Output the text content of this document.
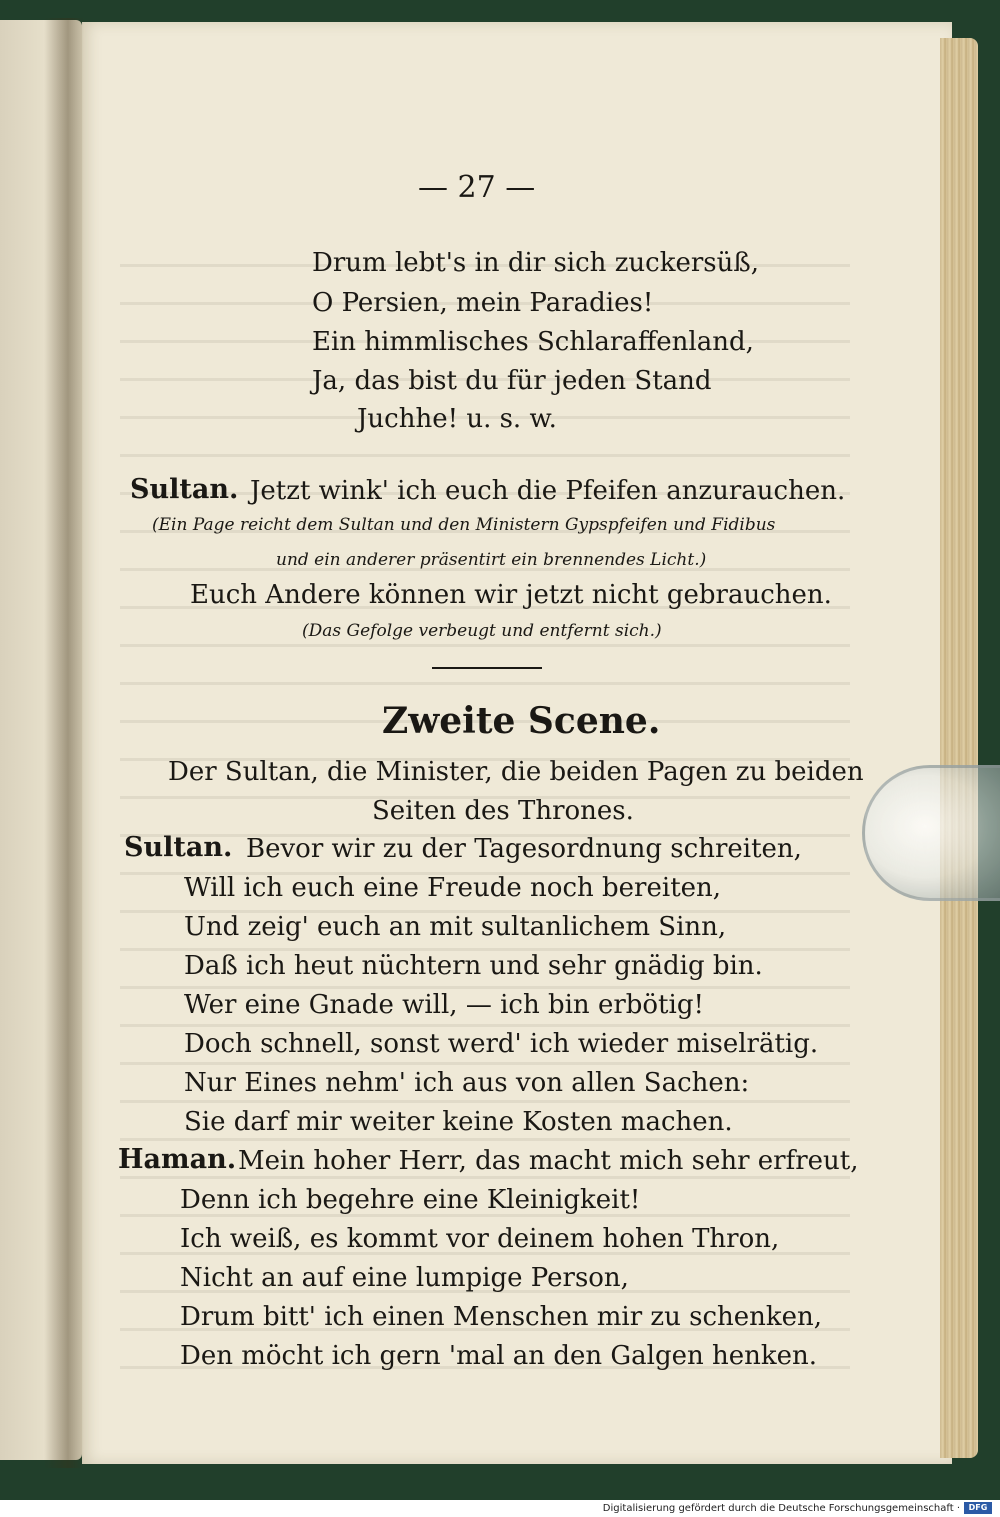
— 27 —
Drum lebt's in dir sich zuckersüß,
O Persien, mein Paradies!
Ein himmlisches Schlaraffenland,
Ja, das bist du für jeden Stand
Juchhe! u. s. w.
Sultan. Jetzt wink' ich euch die Pfeifen anzurauchen.
(Ein Page reicht dem Sultan und den Ministern Gypspfeifen und Fidibus
und ein anderer präsentirt ein brennendes Licht.)
Euch Andere können wir jetzt nicht gebrauchen.
(Das Gefolge verbeugt und entfernt sich.)
Zweite Scene.
Der Sultan, die Minister, die beiden Pagen zu beiden
Seiten des Thrones.
Sultan. Bevor wir zu der Tagesordnung schreiten,
Will ich euch eine Freude noch bereiten,
Und zeig' euch an mit sultanlichem Sinn,
Daß ich heut nüchtern und sehr gnädig bin.
Wer eine Gnade will, — ich bin erbötig!
Doch schnell, sonst werd' ich wieder miselrätig.
Nur Eines nehm' ich aus von allen Sachen:
Sie darf mir weiter keine Kosten machen.
Haman. Mein hoher Herr, das macht mich sehr erfreut,
Denn ich begehre eine Kleinigkeit!
Ich weiß, es kommt vor deinem hohen Thron,
Nicht an auf eine lumpige Person,
Drum bitt' ich einen Menschen mir zu schenken,
Den möcht ich gern 'mal an den Galgen henken.
Digitalisierung gefördert durch die Deutsche Forschungsgemeinschaft ·	DFG
